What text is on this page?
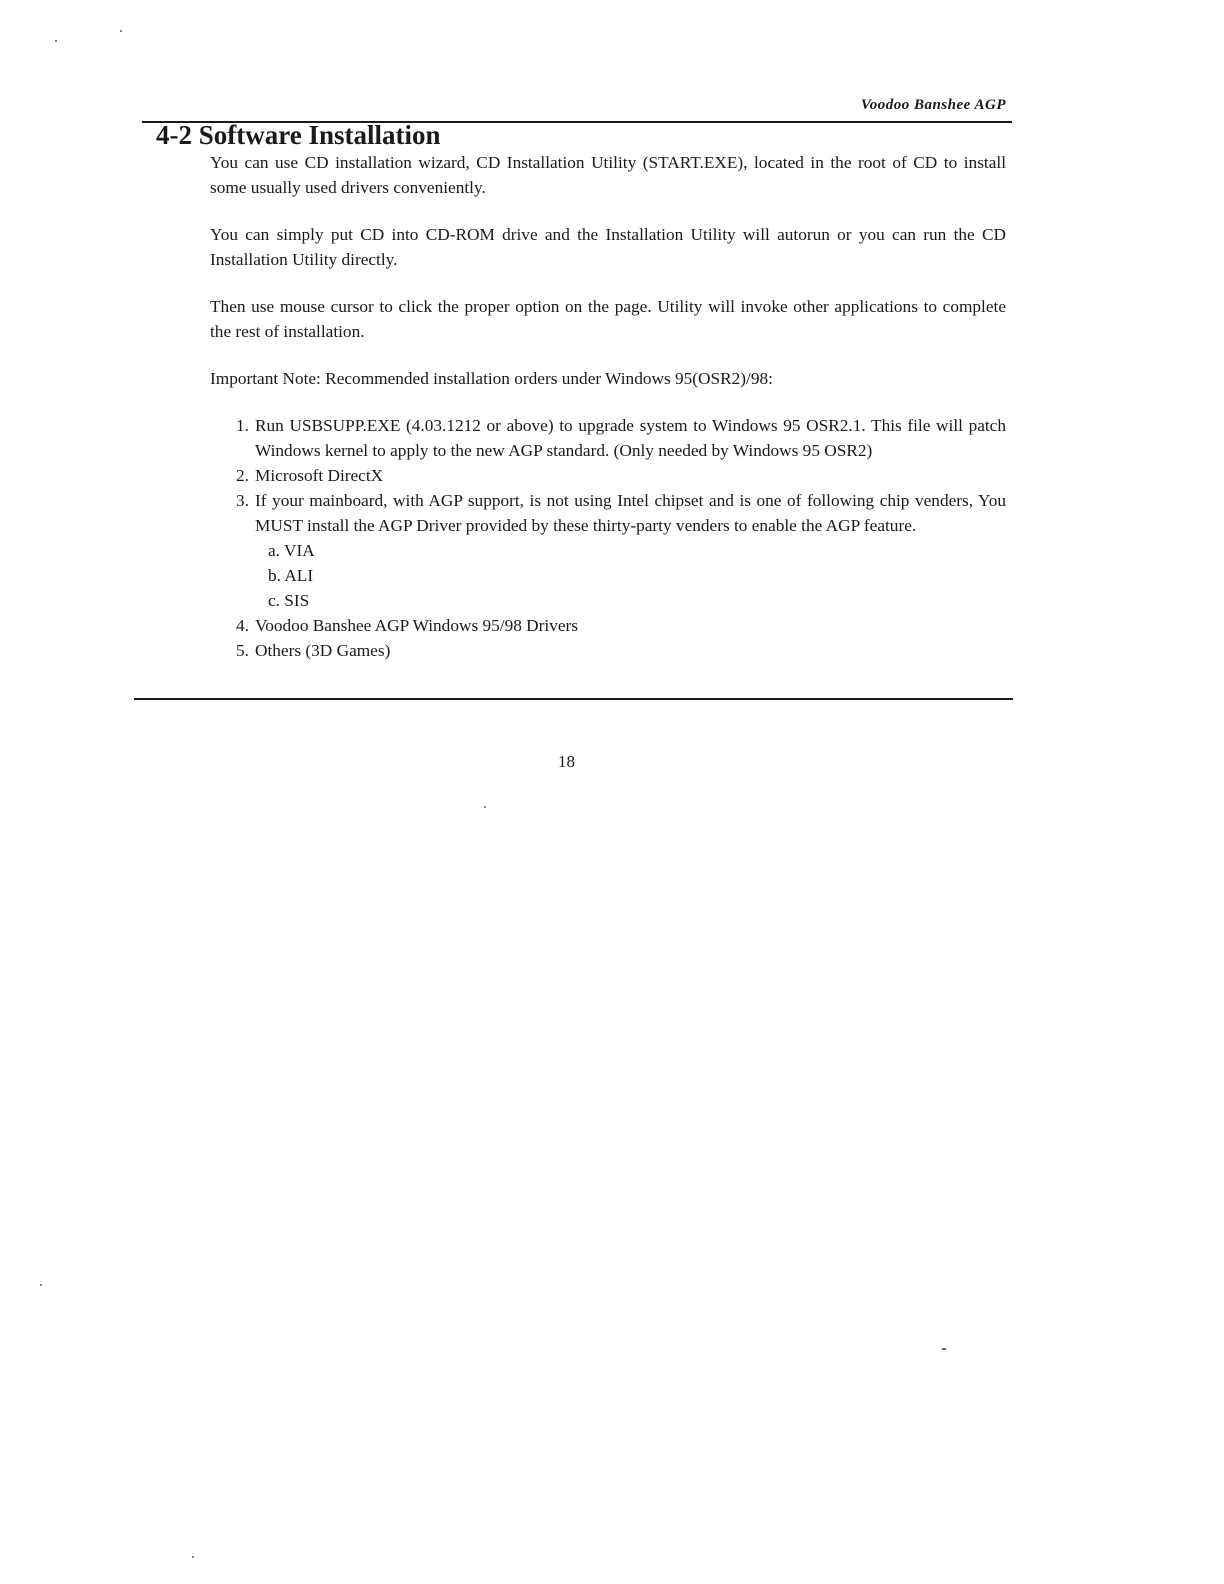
Voodoo Banshee AGP
4-2 Software Installation

You can use CD installation wizard, CD Installation Utility (START.EXE), located in the root of CD to install some usually used drivers conveniently.

You can simply put CD into CD-ROM drive and the Installation Utility will autorun or you can run the CD Installation Utility directly.

Then use mouse cursor to click the proper option on the page. Utility will invoke other applications to complete the rest of installation.

Important Note: Recommended installation orders under Windows 95(OSR2)/98:

1. Run USBSUPP.EXE (4.03.1212 or above) to upgrade system to Windows 95 OSR2.1. This file will patch Windows kernel to apply to the new AGP standard. (Only needed by Windows 95 OSR2)
2. Microsoft DirectX
3. If your mainboard, with AGP support, is not using Intel chipset and is one of following chip venders, You MUST install the AGP Driver provided by these thirty-party venders to enable the AGP feature.
a. VIA
b. ALI
c. SIS
4. Voodoo Banshee AGP Windows 95/98 Drivers
5. Others (3D Games)
18
